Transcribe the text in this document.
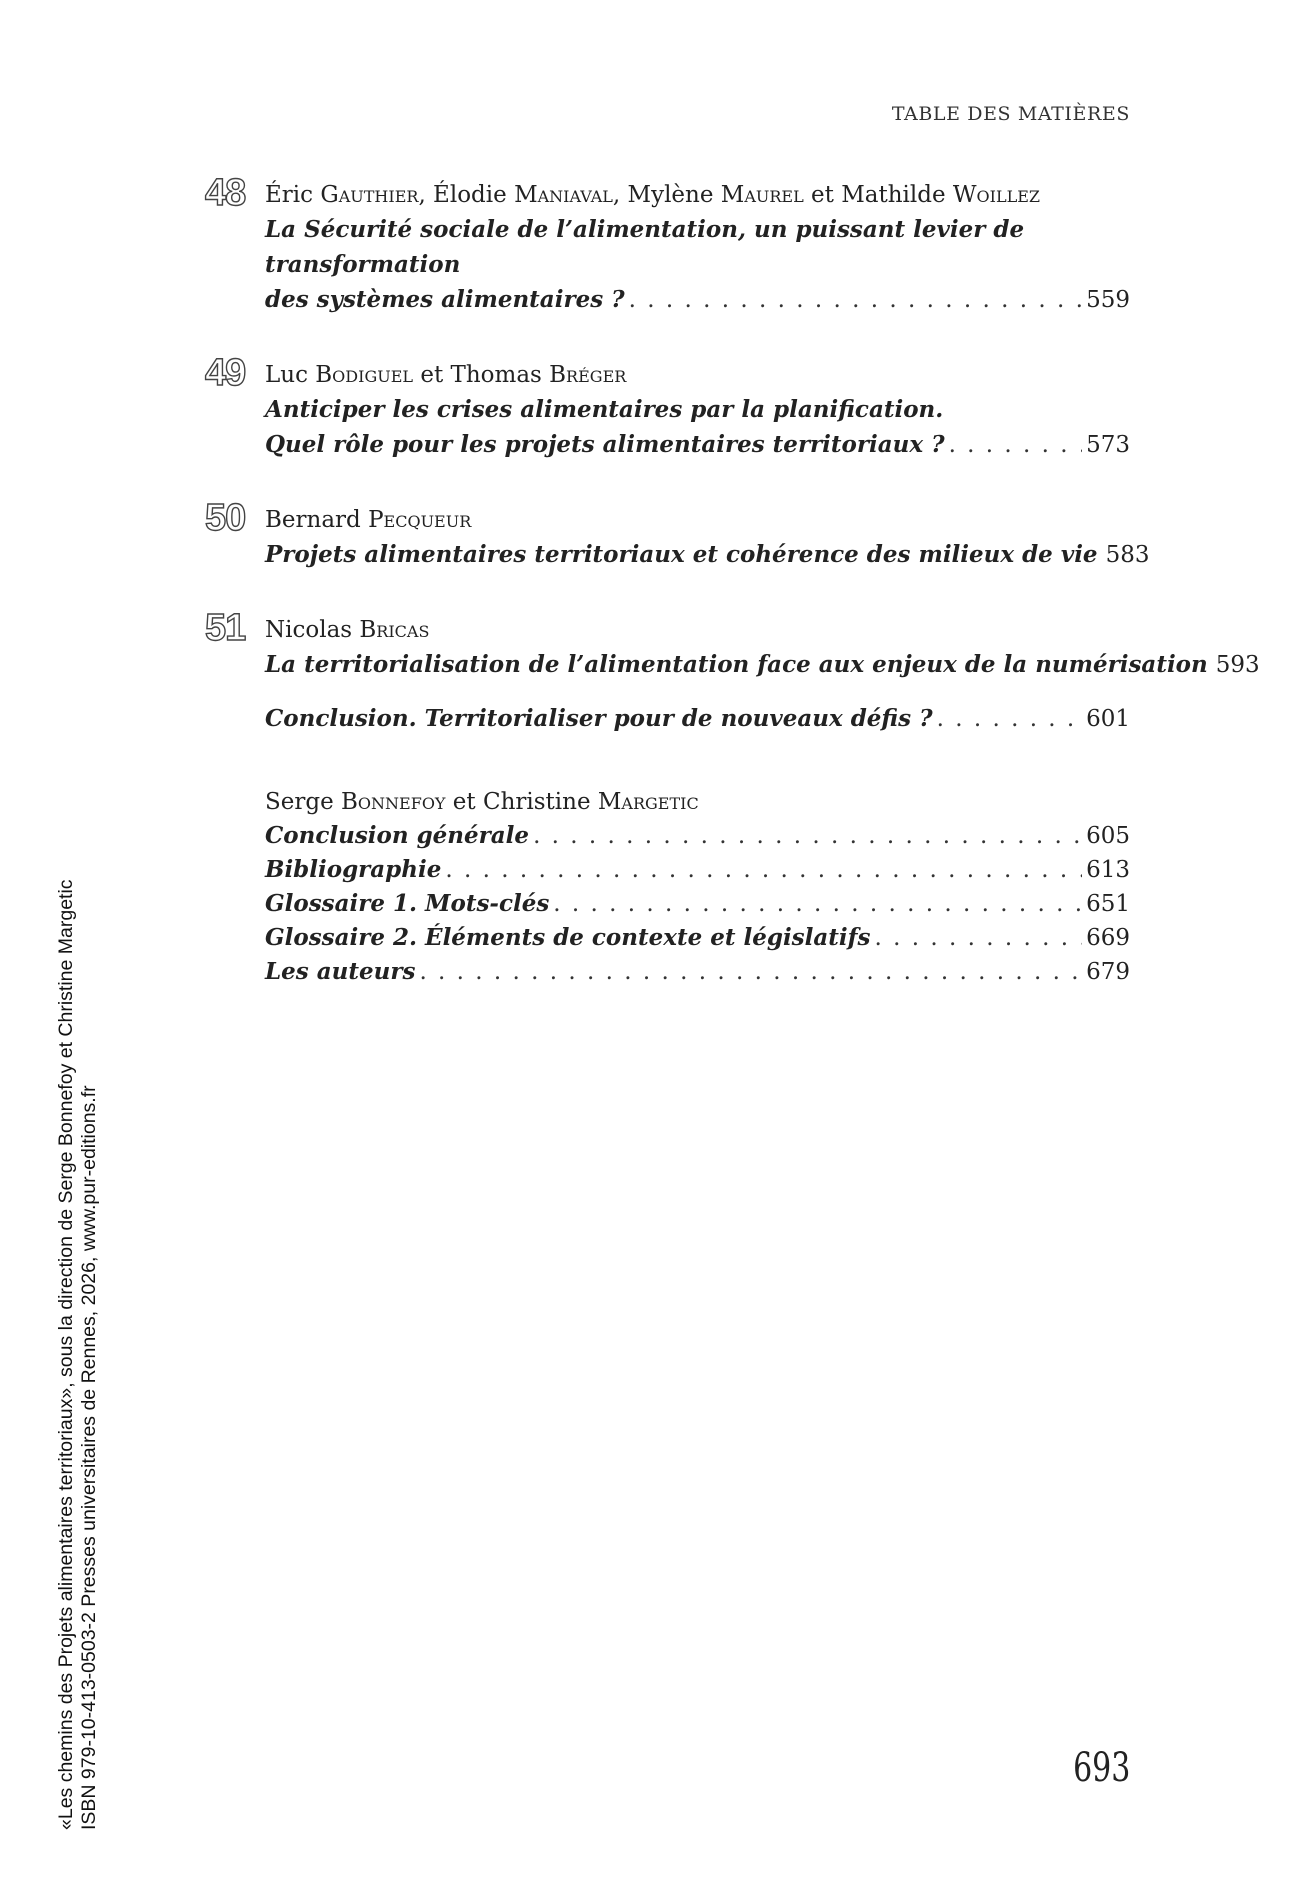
TABLE DES MATIÈRES
48 Éric Gauthier, Élodie Maniaval, Mylène Maurel et Mathilde Woillez
La Sécurité sociale de l’alimentation, un puissant levier de transformation
des systèmes alimentaires ? . . .	559
49 Luc Bodiguel et Thomas Bréger
Anticiper les crises alimentaires par la planification.
Quel rôle pour les projets alimentaires territoriaux ? . . .	573
50 Bernard Pecqueur
Projets alimentaires territoriaux et cohérence des milieux de vie 583
51 Nicolas Bricas
La territorialisation de l’alimentation face aux enjeux de la numérisation 593
Conclusion. Territorialiser pour de nouveaux défis ? . . .	601
Serge Bonnefoy et Christine Margetic
Conclusion générale . . .	605
Bibliographie . . .	613
Glossaire 1. Mots-clés . . .	651
Glossaire 2. Éléments de contexte et législatifs . . .	669
Les auteurs . . .	679
693
«Les chemins des Projets alimentaires territoriaux», sous la direction de Serge Bonnefoy et Christine Margetic ISBN 979-10-413-0503-2 Presses universitaires de Rennes, 2026, www.pur-editions.fr
